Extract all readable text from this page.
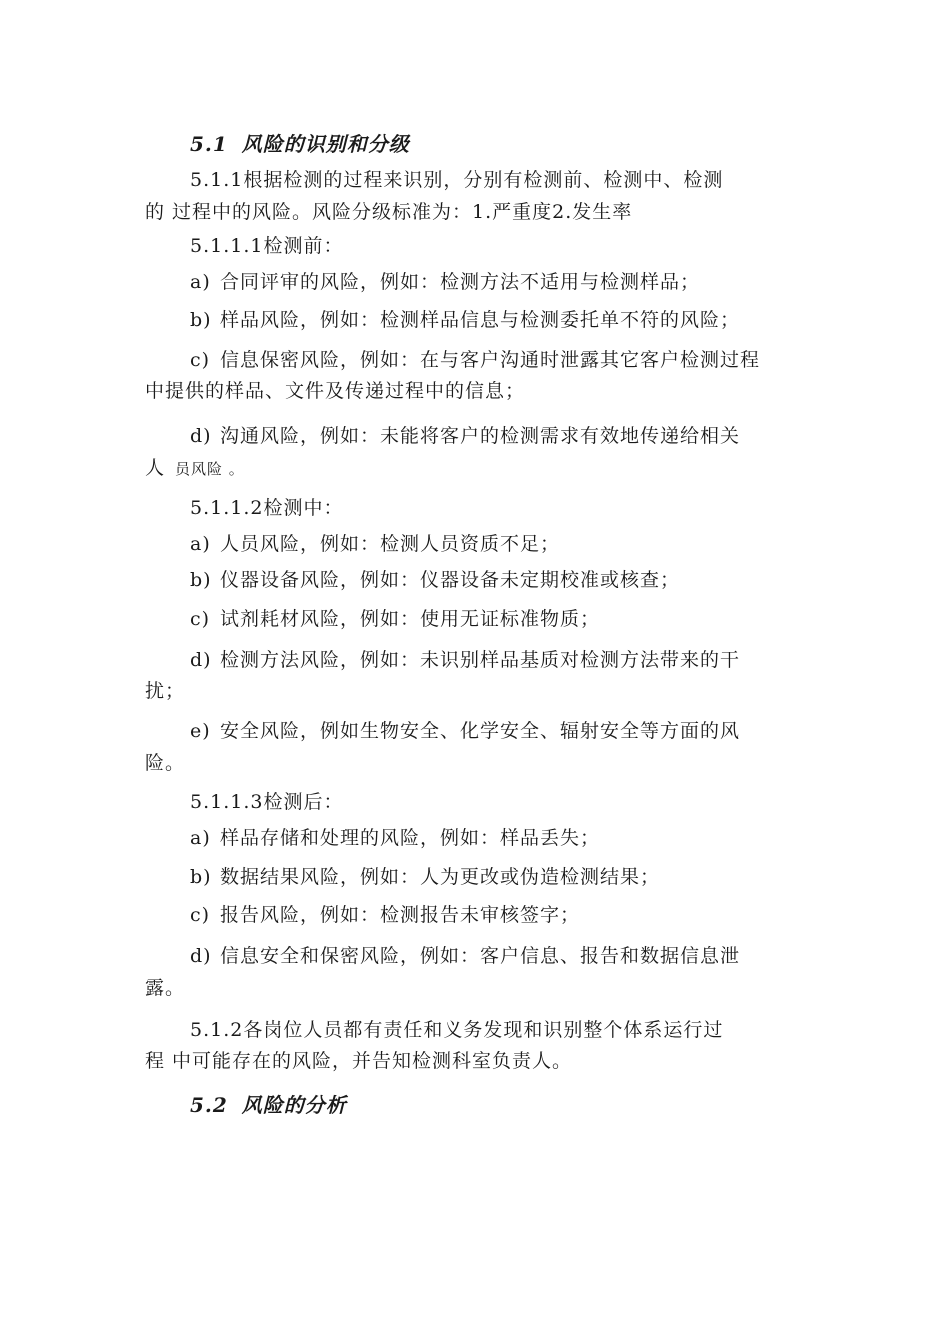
5.1 风险的识别和分级
5.1.1根据检测的过程来识别，分别有检测前、检测中、检测
的 过程中的风险。风险分级标准为：1.严重度2.发生率
5.1.1.1检测前：
a) 合同评审的风险，例如：检测方法不适用与检测样品；
b) 样品风险，例如：检测样品信息与检测委托单不符的风险；
c) 信息保密风险，例如：在与客户沟通时泄露其它客户检测过程
中提供的样品、文件及传递过程中的信息；
d) 沟通风险，例如：未能将客户的检测需求有效地传递给相关
人 员风险 。
5.1.1.2检测中：
a) 人员风险，例如：检测人员资质不足；
b) 仪器设备风险，例如：仪器设备未定期校准或核查；
c) 试剂耗材风险，例如：使用无证标准物质；
d) 检测方法风险，例如：未识别样品基质对检测方法带来的干
扰；
e) 安全风险，例如生物安全、化学安全、辐射安全等方面的风
险。
5.1.1.3检测后：
a) 样品存储和处理的风险，例如：样品丢失；
b) 数据结果风险，例如：人为更改或伪造检测结果；
c) 报告风险，例如：检测报告未审核签字；
d) 信息安全和保密风险，例如：客户信息、报告和数据信息泄
露。
5.1.2各岗位人员都有责任和义务发现和识别整个体系运行过
程 中可能存在的风险，并告知检测科室负责人。
5.2 风险的分析
